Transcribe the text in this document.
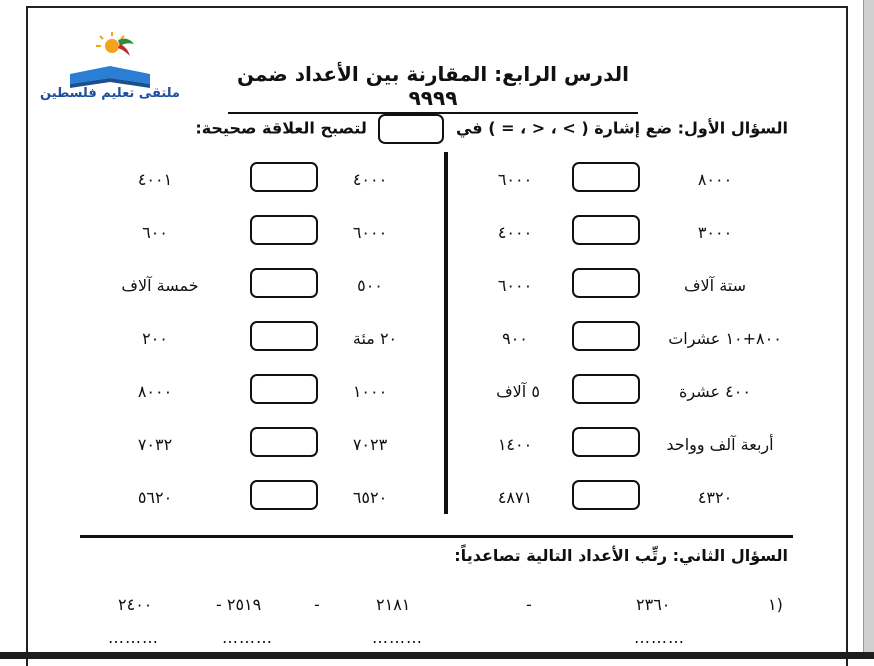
ملتقى تعليم فلسطين
الدرس الرابع: المقارنة بين الأعداد ضمن ٩٩٩٩
السؤال الأول: ضع إشارة ( > ، < ، = ) في  لتصبح العلاقة صحيحة:
٨٠٠٠
٦٠٠٠
٣٠٠٠
٤٠٠٠
ستة آلاف
٦٠٠٠
٨٠٠+١٠ عشرات
٩٠٠
٤٠٠ عشرة
٥ آلاف
أربعة آلف وواحد
١٤٠٠
٤٣٢٠
٤٨٧١
٤٠٠٠
٤٠٠١
٦٠٠٠
٦٠٠
٥٠٠
خمسة آلاف
٢٠ مئة
٢٠٠
١٠٠٠
٨٠٠٠
٧٠٢٣
٧٠٣٢
٦٥٢٠
٥٦٢٠
السؤال الثاني: رتِّب الأعداد التالية تصاعدياً:
١)
٢٣٦٠
-
٢١٨١
-
٢٥١٩ -
٢٤٠٠
………
………
………
………
